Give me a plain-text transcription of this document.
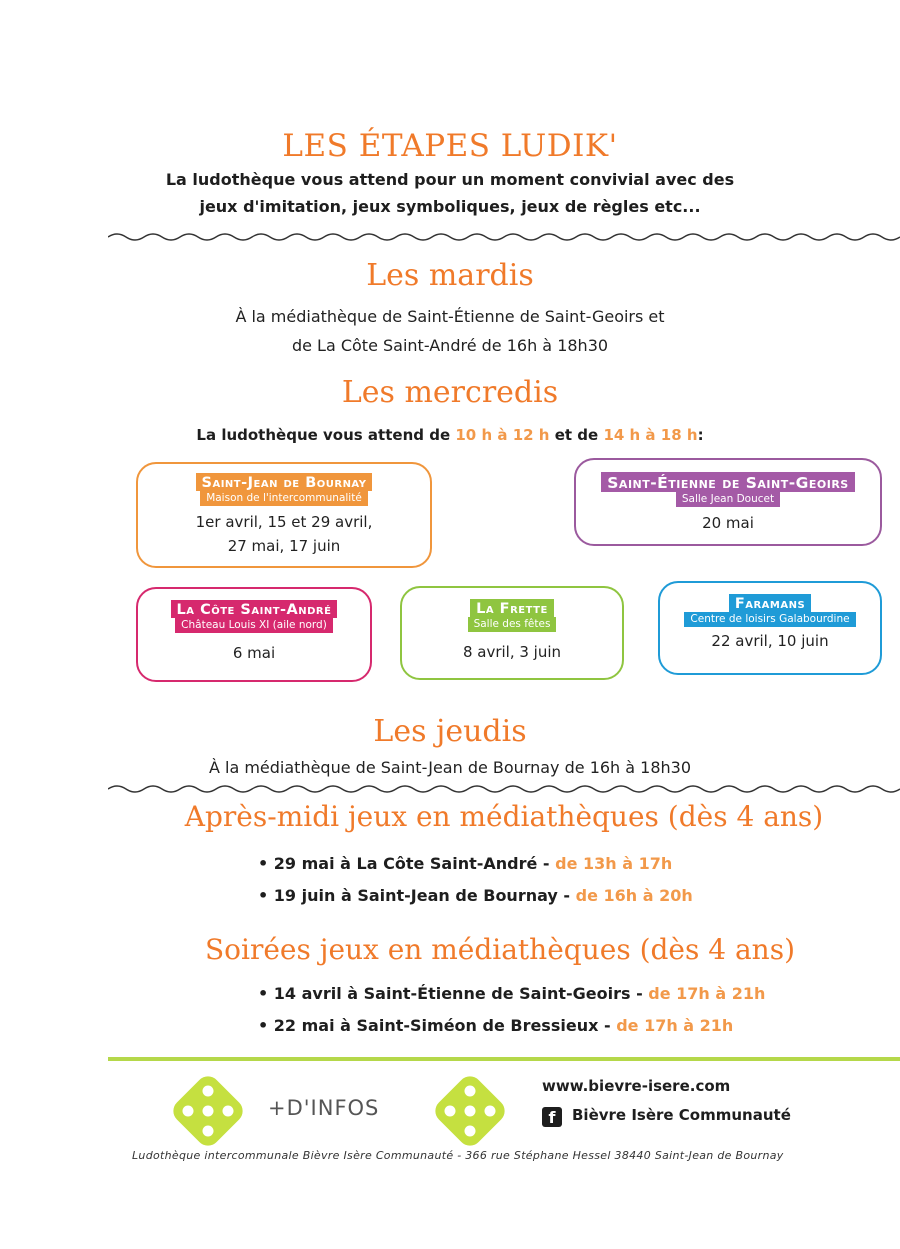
LES ÉTAPES LUDIK'
La ludothèque vous attend pour un moment convivial avec des
jeux d'imitation, jeux symboliques, jeux de règles etc...
Les mardis
À la médiathèque de Saint-Étienne de Saint-Geoirs et
de La Côte Saint-André de 16h à 18h30
Les mercredis
La ludothèque vous attend de 10 h à 12 h et de 14 h à 18 h:
Saint-Jean de Bournay
Maison de l'intercommunalité
1er avril, 15 et 29 avril,
27 mai, 17 juin
Saint-Étienne de Saint-Geoirs
Salle Jean Doucet
20 mai
La Côte Saint-André
Château Louis XI (aile nord)
6 mai
La Frette
Salle des fêtes
8 avril, 3 juin
Faramans
Centre de loisirs Galabourdine
22 avril, 10 juin
Les jeudis
À la médiathèque de Saint-Jean de Bournay de 16h à 18h30
Après-midi jeux en médiathèques (dès 4 ans)
• 29 mai à La Côte Saint-André - de 13h à 17h
• 19 juin à Saint-Jean de Bournay - de 16h à 20h
Soirées jeux en médiathèques (dès 4 ans)
• 14 avril à Saint-Étienne de Saint-Geoirs - de 17h à 21h
• 22 mai à Saint-Siméon de Bressieux - de 17h à 21h
+D'INFOS
www.bievre-isere.com
f Bièvre Isère Communauté
Ludothèque intercommunale Bièvre Isère Communauté - 366 rue Stéphane Hessel 38440 Saint-Jean de Bournay
